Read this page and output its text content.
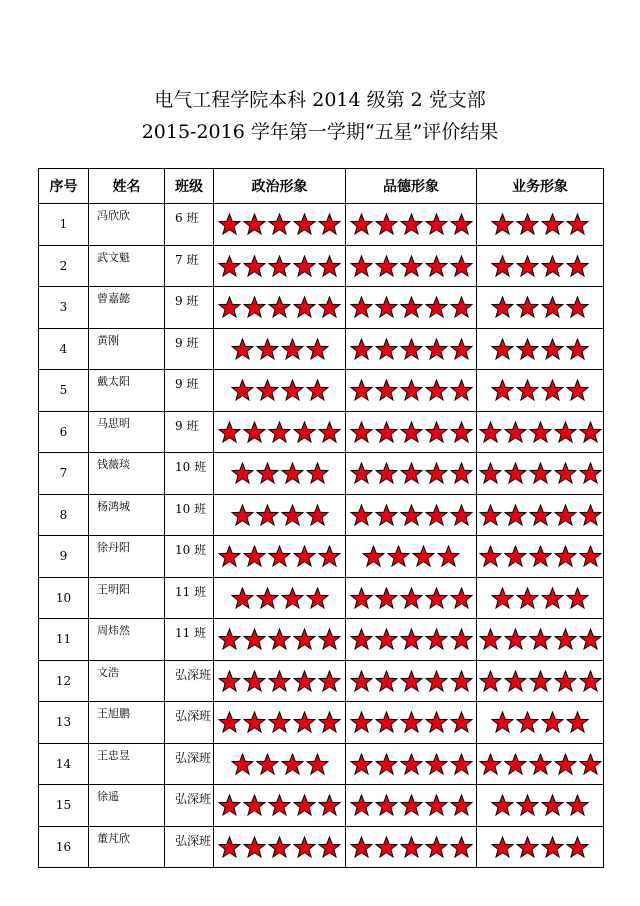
电气工程学院本科 2014 级第 2 党支部
2015-2016 学年第一学期“五星”评价结果
序号	姓名	班级	政治形象	品德形象	业务形象
1	冯欣欣	6 班

2	武文魁	7 班

3	曾嘉懿	9 班

4	黄刚	9 班

5	戴太阳	9 班

6	马思明	9 班

7	钱薇琰	10 班

8	杨鸿城	10 班

9	徐丹阳	10 班

10	王明阳	11 班

11	周炜然	11 班

12	文浩	弘深班

13	王旭鹏	弘深班

14	王忠昱	弘深班

15	徐遥	弘深班

16	董芃欣	弘深班
